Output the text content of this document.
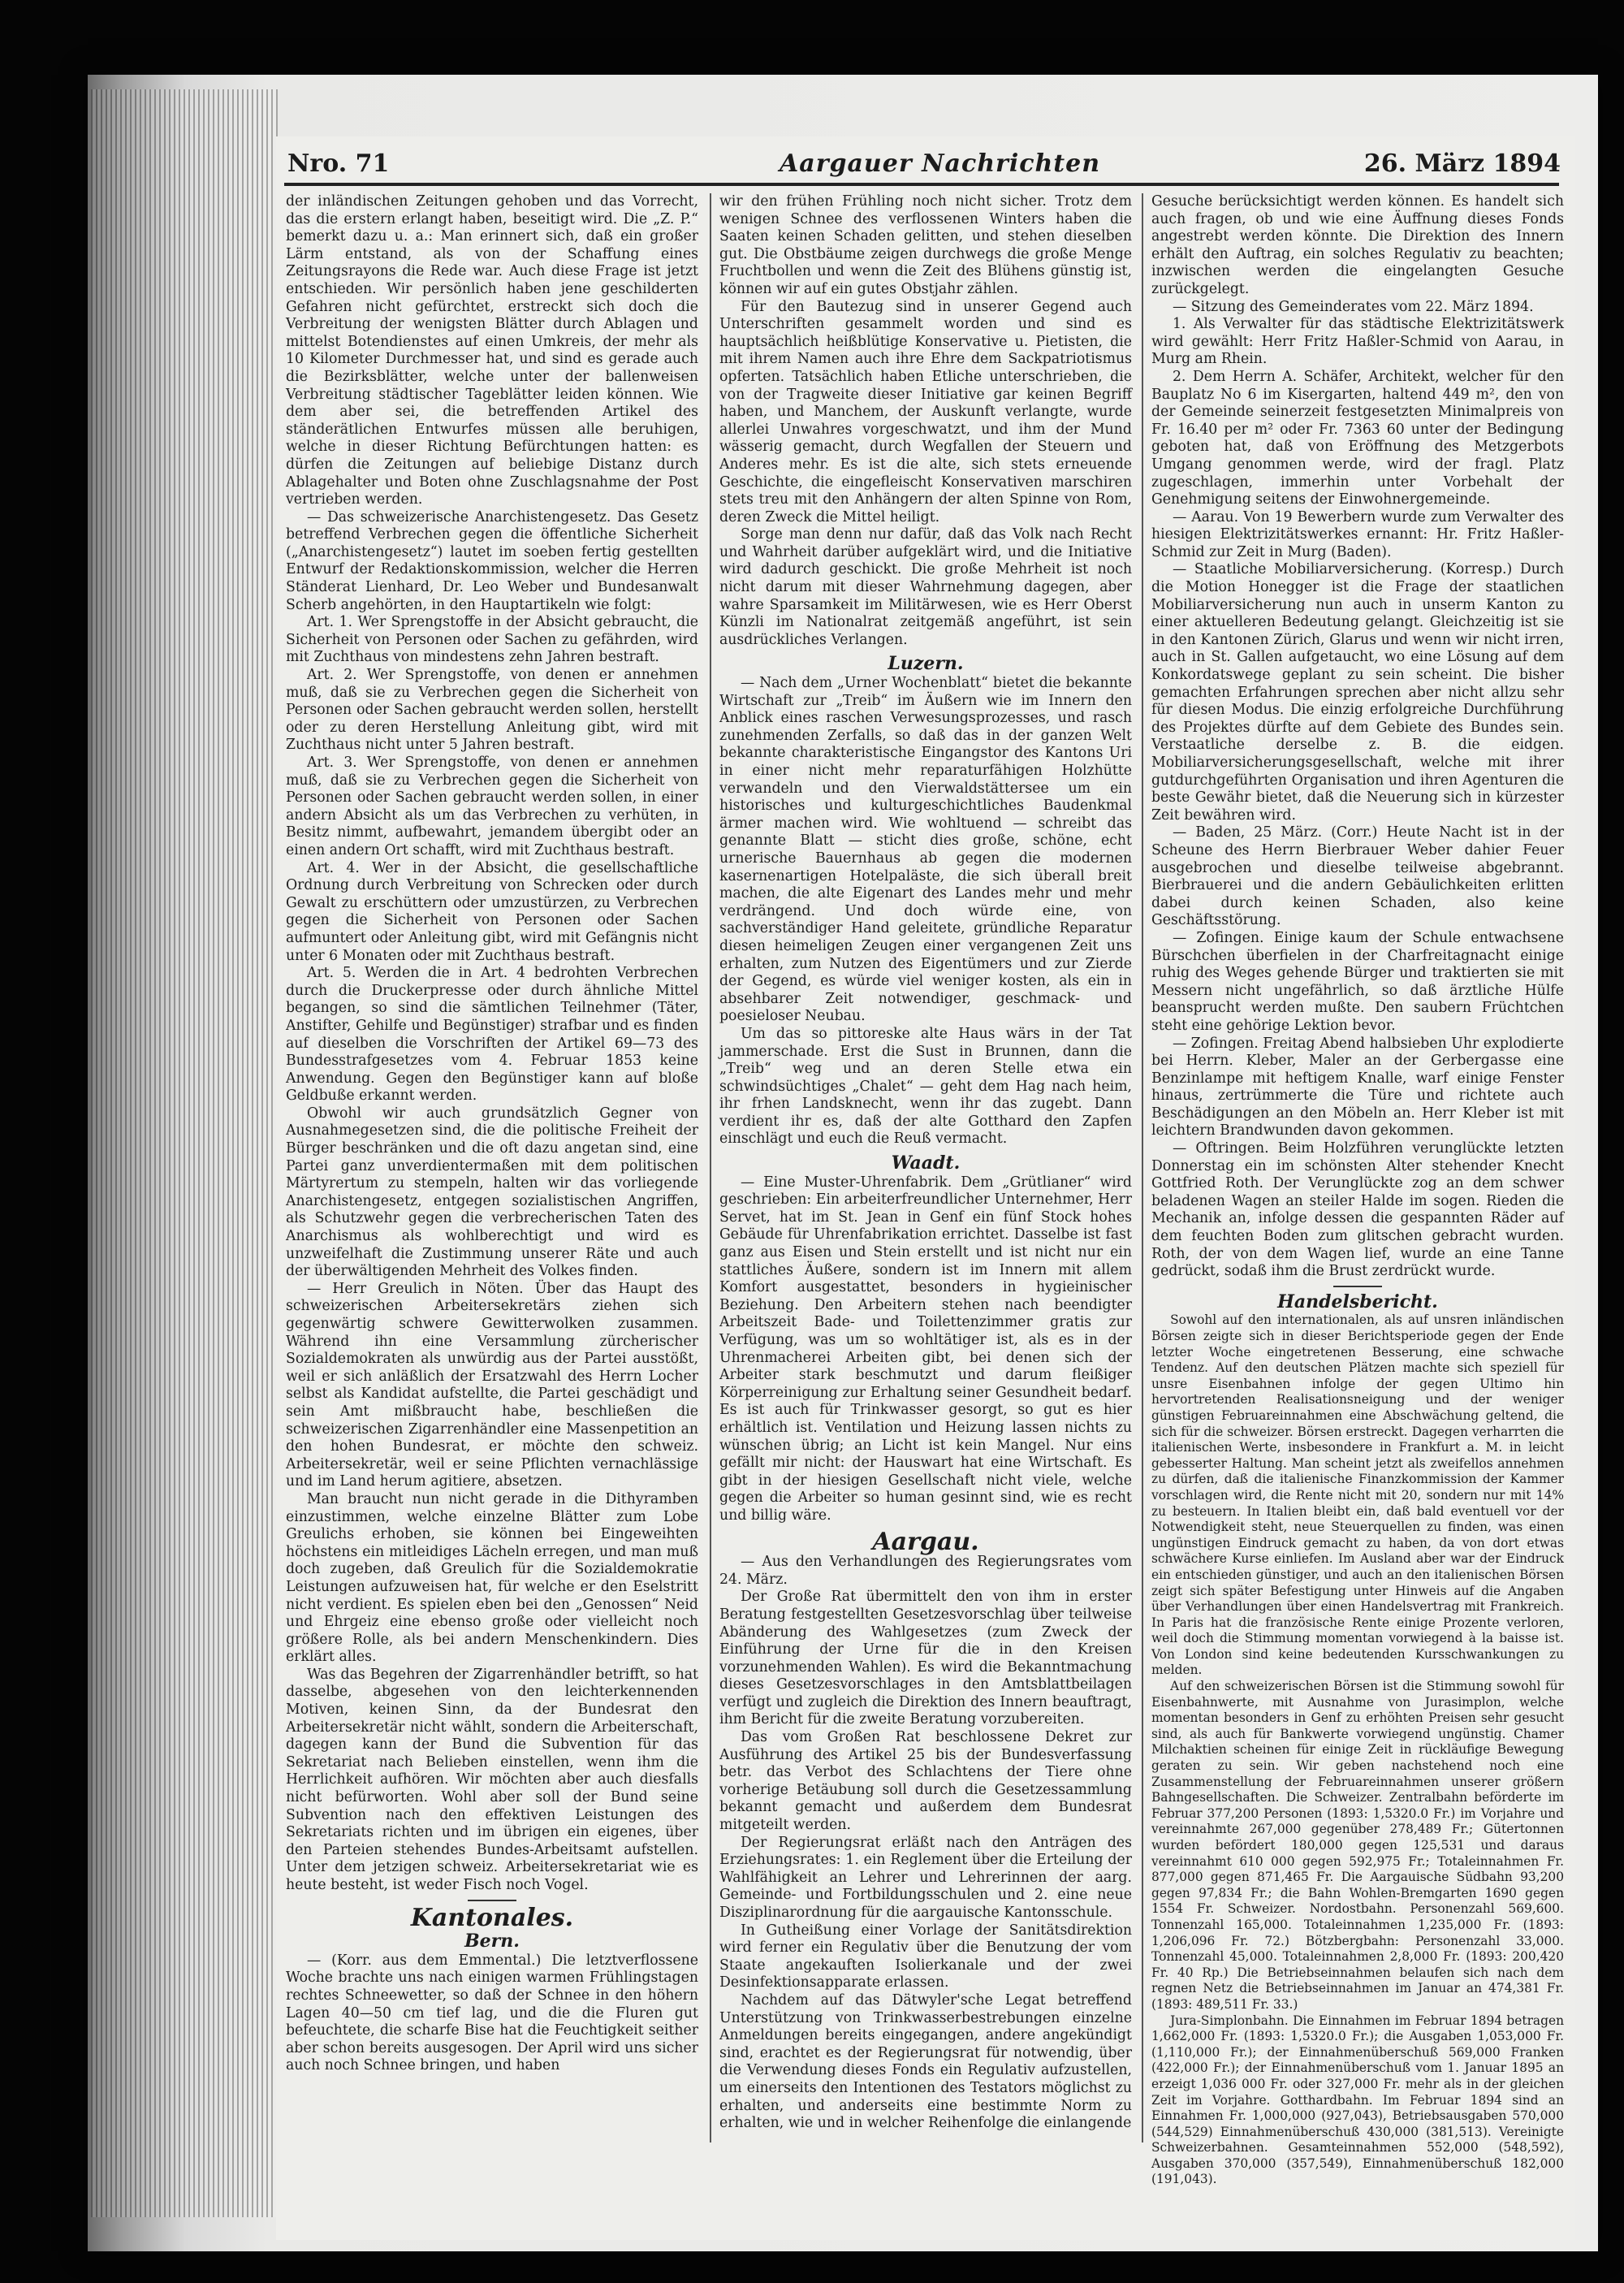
Nro. 71	Aargauer Nachrichten	26. März 1894

der inländischen Zeitungen gehoben und das Vorrecht, das die erstern erlangt haben, beseitigt wird. Die „Z. P.“ bemerkt dazu u. a.: Man erinnert sich, daß ein großer Lärm entstand, als von der Schaffung eines Zeitungsrayons die Rede war. Auch diese Frage ist jetzt entschieden. Wir persönlich haben jene geschilderten Gefahren nicht gefürchtet, erstreckt sich doch die Verbreitung der wenigsten Blätter durch Ablagen und mittelst Botendienstes auf einen Umkreis, der mehr als 10 Kilometer Durchmesser hat, und sind es gerade auch die Bezirksblätter, welche unter der ballenweisen Verbreitung städtischer Tageblätter leiden können. Wie dem aber sei, die betreffenden Artikel des ständerätlichen Entwurfes müssen alle beruhigen, welche in dieser Richtung Befürchtungen hatten: es dürfen die Zeitungen auf beliebige Distanz durch Ablagehalter und Boten ohne Zuschlagsnahme der Post vertrieben werden.

— Das schweizerische Anarchistengesetz. Das Gesetz betreffend Verbrechen gegen die öffentliche Sicherheit („Anarchistengesetz“) lautet im soeben fertig gestellten Entwurf der Redaktionskommission, welcher die Herren Ständerat Lienhard, Dr. Leo Weber und Bundesanwalt Scherb angehörten, in den Hauptartikeln wie folgt:

Art. 1. Wer Sprengstoffe in der Absicht gebraucht, die Sicherheit von Personen oder Sachen zu gefährden, wird mit Zuchthaus von mindestens zehn Jahren bestraft.

Art. 2. Wer Sprengstoffe, von denen er annehmen muß, daß sie zu Verbrechen gegen die Sicherheit von Personen oder Sachen gebraucht werden sollen, herstellt oder zu deren Herstellung Anleitung gibt, wird mit Zuchthaus nicht unter 5 Jahren bestraft.

Art. 3. Wer Sprengstoffe, von denen er annehmen muß, daß sie zu Verbrechen gegen die Sicherheit von Personen oder Sachen gebraucht werden sollen, in einer andern Absicht als um das Verbrechen zu verhüten, in Besitz nimmt, aufbewahrt, jemandem übergibt oder an einen andern Ort schafft, wird mit Zuchthaus bestraft.

Art. 4. Wer in der Absicht, die gesellschaftliche Ordnung durch Verbreitung von Schrecken oder durch Gewalt zu erschüttern oder umzustürzen, zu Verbrechen gegen die Sicherheit von Personen oder Sachen aufmuntert oder Anleitung gibt, wird mit Gefängnis nicht unter 6 Monaten oder mit Zuchthaus bestraft.

Art. 5. Werden die in Art. 4 bedrohten Verbrechen durch die Druckerpresse oder durch ähnliche Mittel begangen, so sind die sämtlichen Teilnehmer (Täter, Anstifter, Gehilfe und Begünstiger) strafbar und es finden auf dieselben die Vorschriften der Artikel 69—73 des Bundesstrafgesetzes vom 4. Februar 1853 keine Anwendung. Gegen den Begünstiger kann auf bloße Geldbuße erkannt werden.

Obwohl wir auch grundsätzlich Gegner von Ausnahmegesetzen sind, die die politische Freiheit der Bürger beschränken und die oft dazu angetan sind, eine Partei ganz unverdientermaßen mit dem politischen Märtyrertum zu stempeln, halten wir das vorliegende Anarchistengesetz, entgegen sozialistischen Angriffen, als Schutzwehr gegen die verbrecherischen Taten des Anarchismus als wohlberechtigt und wird es unzweifelhaft die Zustimmung unserer Räte und auch der überwältigenden Mehrheit des Volkes finden.

— Herr Greulich in Nöten. Über das Haupt des schweizerischen Arbeitersekretärs ziehen sich gegenwärtig schwere Gewitterwolken zusammen. Während ihn eine Versammlung zürcherischer Sozialdemokraten als unwürdig aus der Partei ausstößt, weil er sich anläßlich der Ersatzwahl des Herrn Locher selbst als Kandidat aufstellte, die Partei geschädigt und sein Amt mißbraucht habe, beschließen die schweizerischen Zigarrenhändler eine Massenpetition an den hohen Bundesrat, er möchte den schweiz. Arbeitersekretär, weil er seine Pflichten vernachlässige und im Land herum agitiere, absetzen.

Man braucht nun nicht gerade in die Dithyramben einzustimmen, welche einzelne Blätter zum Lobe Greulichs erhoben, sie können bei Eingeweihten höchstens ein mitleidiges Lächeln erregen, und man muß doch zugeben, daß Greulich für die Sozialdemokratie Leistungen aufzuweisen hat, für welche er den Eselstritt nicht verdient. Es spielen eben bei den „Genossen“ Neid und Ehrgeiz eine ebenso große oder vielleicht noch größere Rolle, als bei andern Menschenkindern. Dies erklärt alles.

Was das Begehren der Zigarrenhändler betrifft, so hat dasselbe, abgesehen von den leichterkennenden Motiven, keinen Sinn, da der Bundesrat den Arbeitersekretär nicht wählt, sondern die Arbeiterschaft, dagegen kann der Bund die Subvention für das Sekretariat nach Belieben einstellen, wenn ihm die Herrlichkeit aufhören. Wir möchten aber auch diesfalls nicht befürworten. Wohl aber soll der Bund seine Subvention nach den effektiven Leistungen des Sekretariats richten und im übrigen ein eigenes, über den Parteien stehendes Bundes-Arbeitsamt aufstellen. Unter dem jetzigen schweiz. Arbeitersekretariat wie es heute besteht, ist weder Fisch noch Vogel.

Kantonales.
Bern.

— (Korr. aus dem Emmental.) Die letztverflossene Woche brachte uns nach einigen warmen Frühlingstagen rechtes Schneewetter, so daß der Schnee in den höhern Lagen 40—50 cm tief lag, und die die Fluren gut befeuchtete, die scharfe Bise hat die Feuchtigkeit seither aber schon bereits ausgesogen. Der April wird uns sicher auch noch Schnee bringen, und haben

wir den frühen Frühling noch nicht sicher. Trotz dem wenigen Schnee des verflossenen Winters haben die Saaten keinen Schaden gelitten, und stehen dieselben gut. Die Obstbäume zeigen durchwegs die große Menge Fruchtbollen und wenn die Zeit des Blühens günstig ist, können wir auf ein gutes Obstjahr zählen.

Für den Bautezug sind in unserer Gegend auch Unterschriften gesammelt worden und sind es hauptsächlich heißblütige Konservative u. Pietisten, die mit ihrem Namen auch ihre Ehre dem Sackpatriotismus opferten. Tatsächlich haben Etliche unterschrieben, die von der Tragweite dieser Initiative gar keinen Begriff haben, und Manchem, der Auskunft verlangte, wurde allerlei Unwahres vorgeschwatzt, und ihm der Mund wässerig gemacht, durch Wegfallen der Steuern und Anderes mehr. Es ist die alte, sich stets erneuende Geschichte, die eingefleischt Konservativen marschiren stets treu mit den Anhängern der alten Spinne von Rom, deren Zweck die Mittel heiligt.

Sorge man denn nur dafür, daß das Volk nach Recht und Wahrheit darüber aufgeklärt wird, und die Initiative wird dadurch geschickt. Die große Mehrheit ist noch nicht darum mit dieser Wahrnehmung dagegen, aber wahre Sparsamkeit im Militärwesen, wie es Herr Oberst Künzli im Nationalrat zeitgemäß angeführt, ist sein ausdrückliches Verlangen.

Luzern.

— Nach dem „Urner Wochenblatt“ bietet die bekannte Wirtschaft zur „Treib“ im Äußern wie im Innern den Anblick eines raschen Verwesungsprozesses, und rasch zunehmenden Zerfalls, so daß das in der ganzen Welt bekannte charakteristische Eingangstor des Kantons Uri in einer nicht mehr reparaturfähigen Holzhütte verwandeln und den Vierwaldstättersee um ein historisches und kulturgeschichtliches Baudenkmal ärmer machen wird. Wie wohltuend — schreibt das genannte Blatt — sticht dies große, schöne, echt urnerische Bauernhaus ab gegen die modernen kasernenartigen Hotelpaläste, die sich überall breit machen, die alte Eigenart des Landes mehr und mehr verdrängend. Und doch würde eine, von sachverständiger Hand geleitete, gründliche Reparatur diesen heimeligen Zeugen einer vergangenen Zeit uns erhalten, zum Nutzen des Eigentümers und zur Zierde der Gegend, es würde viel weniger kosten, als ein in absehbarer Zeit notwendiger, geschmack- und poesieloser Neubau.

Um das so pittoreske alte Haus wärs in der Tat jammerschade. Erst die Sust in Brunnen, dann die „Treib“ weg und an deren Stelle etwa ein schwindsüchtiges „Chalet“ — geht dem Hag nach heim, ihr frhen Landsknecht, wenn ihr das zugebt. Dann verdient ihr es, daß der alte Gotthard den Zapfen einschlägt und euch die Reuß vermacht.

Waadt.

— Eine Muster-Uhrenfabrik. Dem „Grütlianer“ wird geschrieben: Ein arbeiterfreundlicher Unternehmer, Herr Servet, hat im St. Jean in Genf ein fünf Stock hohes Gebäude für Uhrenfabrikation errichtet. Dasselbe ist fast ganz aus Eisen und Stein erstellt und ist nicht nur ein stattliches Äußere, sondern ist im Innern mit allem Komfort ausgestattet, besonders in hygieinischer Beziehung. Den Arbeitern stehen nach beendigter Arbeitszeit Bade- und Toilettenzimmer gratis zur Verfügung, was um so wohltätiger ist, als es in der Uhrenmacherei Arbeiten gibt, bei denen sich der Arbeiter stark beschmutzt und darum fleißiger Körperreinigung zur Erhaltung seiner Gesundheit bedarf. Es ist auch für Trinkwasser gesorgt, so gut es hier erhältlich ist. Ventilation und Heizung lassen nichts zu wünschen übrig; an Licht ist kein Mangel. Nur eins gefällt mir nicht: der Hauswart hat eine Wirtschaft. Es gibt in der hiesigen Gesellschaft nicht viele, welche gegen die Arbeiter so human gesinnt sind, wie es recht und billig wäre.

Aargau.

— Aus den Verhandlungen des Regierungsrates vom 24. März.

Der Große Rat übermittelt den von ihm in erster Beratung festgestellten Gesetzesvorschlag über teilweise Abänderung des Wahlgesetzes (zum Zweck der Einführung der Urne für die in den Kreisen vorzunehmenden Wahlen). Es wird die Bekanntmachung dieses Gesetzesvorschlages in den Amtsblattbeilagen verfügt und zugleich die Direktion des Innern beauftragt, ihm Bericht für die zweite Beratung vorzubereiten.

Das vom Großen Rat beschlossene Dekret zur Ausführung des Artikel 25 bis der Bundesverfassung betr. das Verbot des Schlachtens der Tiere ohne vorherige Betäubung soll durch die Gesetzessammlung bekannt gemacht und außerdem dem Bundesrat mitgeteilt werden.

Der Regierungsrat erläßt nach den Anträgen des Erziehungsrates: 1. ein Reglement über die Erteilung der Wahlfähigkeit an Lehrer und Lehrerinnen der aarg. Gemeinde- und Fortbildungsschulen und 2. eine neue Disziplinarordnung für die aargauische Kantonsschule.

In Gutheißung einer Vorlage der Sanitätsdirektion wird ferner ein Regulativ über die Benutzung der vom Staate angekauften Isolierkanale und der zwei Desinfektionsapparate erlassen.

Nachdem auf das Dätwyler'sche Legat betreffend Unterstützung von Trinkwasserbestrebungen einzelne Anmeldungen bereits eingegangen, andere angekündigt sind, erachtet es der Regierungsrat für notwendig, über die Verwendung dieses Fonds ein Regulativ aufzustellen, um einerseits den Intentionen des Testators möglichst zu erhalten, und anderseits eine bestimmte Norm zu erhalten, wie und in welcher Reihenfolge die einlangende

Gesuche berücksichtigt werden können. Es handelt sich auch fragen, ob und wie eine Äuffnung dieses Fonds angestrebt werden könnte. Die Direktion des Innern erhält den Auftrag, ein solches Regulativ zu beachten; inzwischen werden die eingelangten Gesuche zurückgelegt.

— Sitzung des Gemeinderates vom 22. März 1894.

1. Als Verwalter für das städtische Elektrizitätswerk wird gewählt: Herr Fritz Haßler-Schmid von Aarau, in Murg am Rhein.

2. Dem Herrn A. Schäfer, Architekt, welcher für den Bauplatz No 6 im Kisergarten, haltend 449 m², den von der Gemeinde seinerzeit festgesetzten Minimalpreis von Fr. 16.40 per m² oder Fr. 7363 60 unter der Bedingung geboten hat, daß von Eröffnung des Metzgerbots Umgang genommen werde, wird der fragl. Platz zugeschlagen, immerhin unter Vorbehalt der Genehmigung seitens der Einwohnergemeinde.

— Aarau. Von 19 Bewerbern wurde zum Verwalter des hiesigen Elektrizitätswerkes ernannt: Hr. Fritz Haßler-Schmid zur Zeit in Murg (Baden).

— Staatliche Mobiliarversicherung. (Korresp.) Durch die Motion Honegger ist die Frage der staatlichen Mobiliarversicherung nun auch in unserm Kanton zu einer aktuelleren Bedeutung gelangt. Gleichzeitig ist sie in den Kantonen Zürich, Glarus und wenn wir nicht irren, auch in St. Gallen aufgetaucht, wo eine Lösung auf dem Konkordatswege geplant zu sein scheint. Die bisher gemachten Erfahrungen sprechen aber nicht allzu sehr für diesen Modus. Die einzig erfolgreiche Durchführung des Projektes dürfte auf dem Gebiete des Bundes sein. Verstaatliche derselbe z. B. die eidgen. Mobiliarversicherungsgesellschaft, welche mit ihrer gutdurchgeführten Organisation und ihren Agenturen die beste Gewähr bietet, daß die Neuerung sich in kürzester Zeit bewähren wird.

— Baden, 25 März. (Corr.) Heute Nacht ist in der Scheune des Herrn Bierbrauer Weber dahier Feuer ausgebrochen und dieselbe teilweise abgebrannt. Bierbrauerei und die andern Gebäulichkeiten erlitten dabei durch keinen Schaden, also keine Geschäftsstörung.

— Zofingen. Einige kaum der Schule entwachsene Bürschchen überfielen in der Charfreitagnacht einige ruhig des Weges gehende Bürger und traktierten sie mit Messern nicht ungefährlich, so daß ärztliche Hülfe beansprucht werden mußte. Den saubern Früchtchen steht eine gehörige Lektion bevor.

— Zofingen. Freitag Abend halbsieben Uhr explodierte bei Herrn. Kleber, Maler an der Gerbergasse eine Benzinlampe mit heftigem Knalle, warf einige Fenster hinaus, zertrümmerte die Türe und richtete auch Beschädigungen an den Möbeln an. Herr Kleber ist mit leichtern Brandwunden davon gekommen.

— Oftringen. Beim Holzführen verunglückte letzten Donnerstag ein im schönsten Alter stehender Knecht Gottfried Roth. Der Verunglückte zog an dem schwer beladenen Wagen an steiler Halde im sogen. Rieden die Mechanik an, infolge dessen die gespannten Räder auf dem feuchten Boden zum glitschen gebracht wurden. Roth, der von dem Wagen lief, wurde an eine Tanne gedrückt, sodaß ihm die Brust zerdrückt wurde.

Handelsbericht.

Sowohl auf den internationalen, als auf unsren inländischen Börsen zeigte sich in dieser Berichtsperiode gegen der Ende letzter Woche eingetretenen Besserung, eine schwache Tendenz. Auf den deutschen Plätzen machte sich speziell für unsre Eisenbahnen infolge der gegen Ultimo hin hervortretenden Realisationsneigung und der weniger günstigen Februareinnahmen eine Abschwächung geltend, die sich für die schweizer. Börsen erstreckt. Dagegen verharrten die italienischen Werte, insbesondere in Frankfurt a. M. in leicht gebesserter Haltung. Man scheint jetzt als zweifellos annehmen zu dürfen, daß die italienische Finanzkommission der Kammer vorschlagen wird, die Rente nicht mit 20, sondern nur mit 14% zu besteuern. In Italien bleibt ein, daß bald eventuell vor der Notwendigkeit steht, neue Steuerquellen zu finden, was einen ungünstigen Eindruck gemacht zu haben, da von dort etwas schwächere Kurse einliefen. Im Ausland aber war der Eindruck ein entschieden günstiger, und auch an den italienischen Börsen zeigt sich später Befestigung unter Hinweis auf die Angaben über Verhandlungen über einen Handelsvertrag mit Frankreich. In Paris hat die französische Rente einige Prozente verloren, weil doch die Stimmung momentan vorwiegend à la baisse ist. Von London sind keine bedeutenden Kursschwankungen zu melden.

Auf den schweizerischen Börsen ist die Stimmung sowohl für Eisenbahnwerte, mit Ausnahme von Jurasimplon, welche momentan besonders in Genf zu erhöhten Preisen sehr gesucht sind, als auch für Bankwerte vorwiegend ungünstig. Chamer Milchaktien scheinen für einige Zeit in rückläufige Bewegung geraten zu sein. Wir geben nachstehend noch eine Zusammenstellung der Februareinnahmen unserer größern Bahngesellschaften. Die Schweizer. Zentralbahn beförderte im Februar 377,200 Personen (1893: 1,5320.0 Fr.) im Vorjahre und vereinnahmte 267,000 gegenüber 278,489 Fr.; Gütertonnen wurden befördert 180,000 gegen 125,531 und daraus vereinnahmt 610 000 gegen 592,975 Fr.; Totaleinnahmen Fr. 877,000 gegen 871,465 Fr. Die Aargauische Südbahn 93,200 gegen 97,834 Fr.; die Bahn Wohlen-Bremgarten 1690 gegen 1554 Fr. Schweizer. Nordostbahn. Personenzahl 569,600. Tonnenzahl 165,000. Totaleinnahmen 1,235,000 Fr. (1893: 1,206,096 Fr. 72.) Bötzbergbahn: Personenzahl 33,000. Tonnenzahl 45,000. Totaleinnahmen 2,8,000 Fr. (1893: 200,420 Fr. 40 Rp.) Die Betriebseinnahmen belaufen sich nach dem regnen Netz die Betriebseinnahmen im Januar an 474,381 Fr. (1893: 489,511 Fr. 33.)

Jura-Simplonbahn. Die Einnahmen im Februar 1894 betragen 1,662,000 Fr. (1893: 1,5320.0 Fr.); die Ausgaben 1,053,000 Fr. (1,110,000 Fr.); der Einnahmenüberschuß 569,000 Franken (422,000 Fr.); der Einnahmenüberschuß vom 1. Januar 1895 an erzeigt 1,036 000 Fr. oder 327,000 Fr. mehr als in der gleichen Zeit im Vorjahre. Gotthardbahn. Im Februar 1894 sind an Einnahmen Fr. 1,000,000 (927,043), Betriebsausgaben 570,000 (544,529) Einnahmenüberschuß 430,000 (381,513). Vereinigte Schweizerbahnen. Gesamteinnahmen 552,000 (548,592), Ausgaben 370,000 (357,549), Einnahmenüberschuß 182,000 (191,043).
